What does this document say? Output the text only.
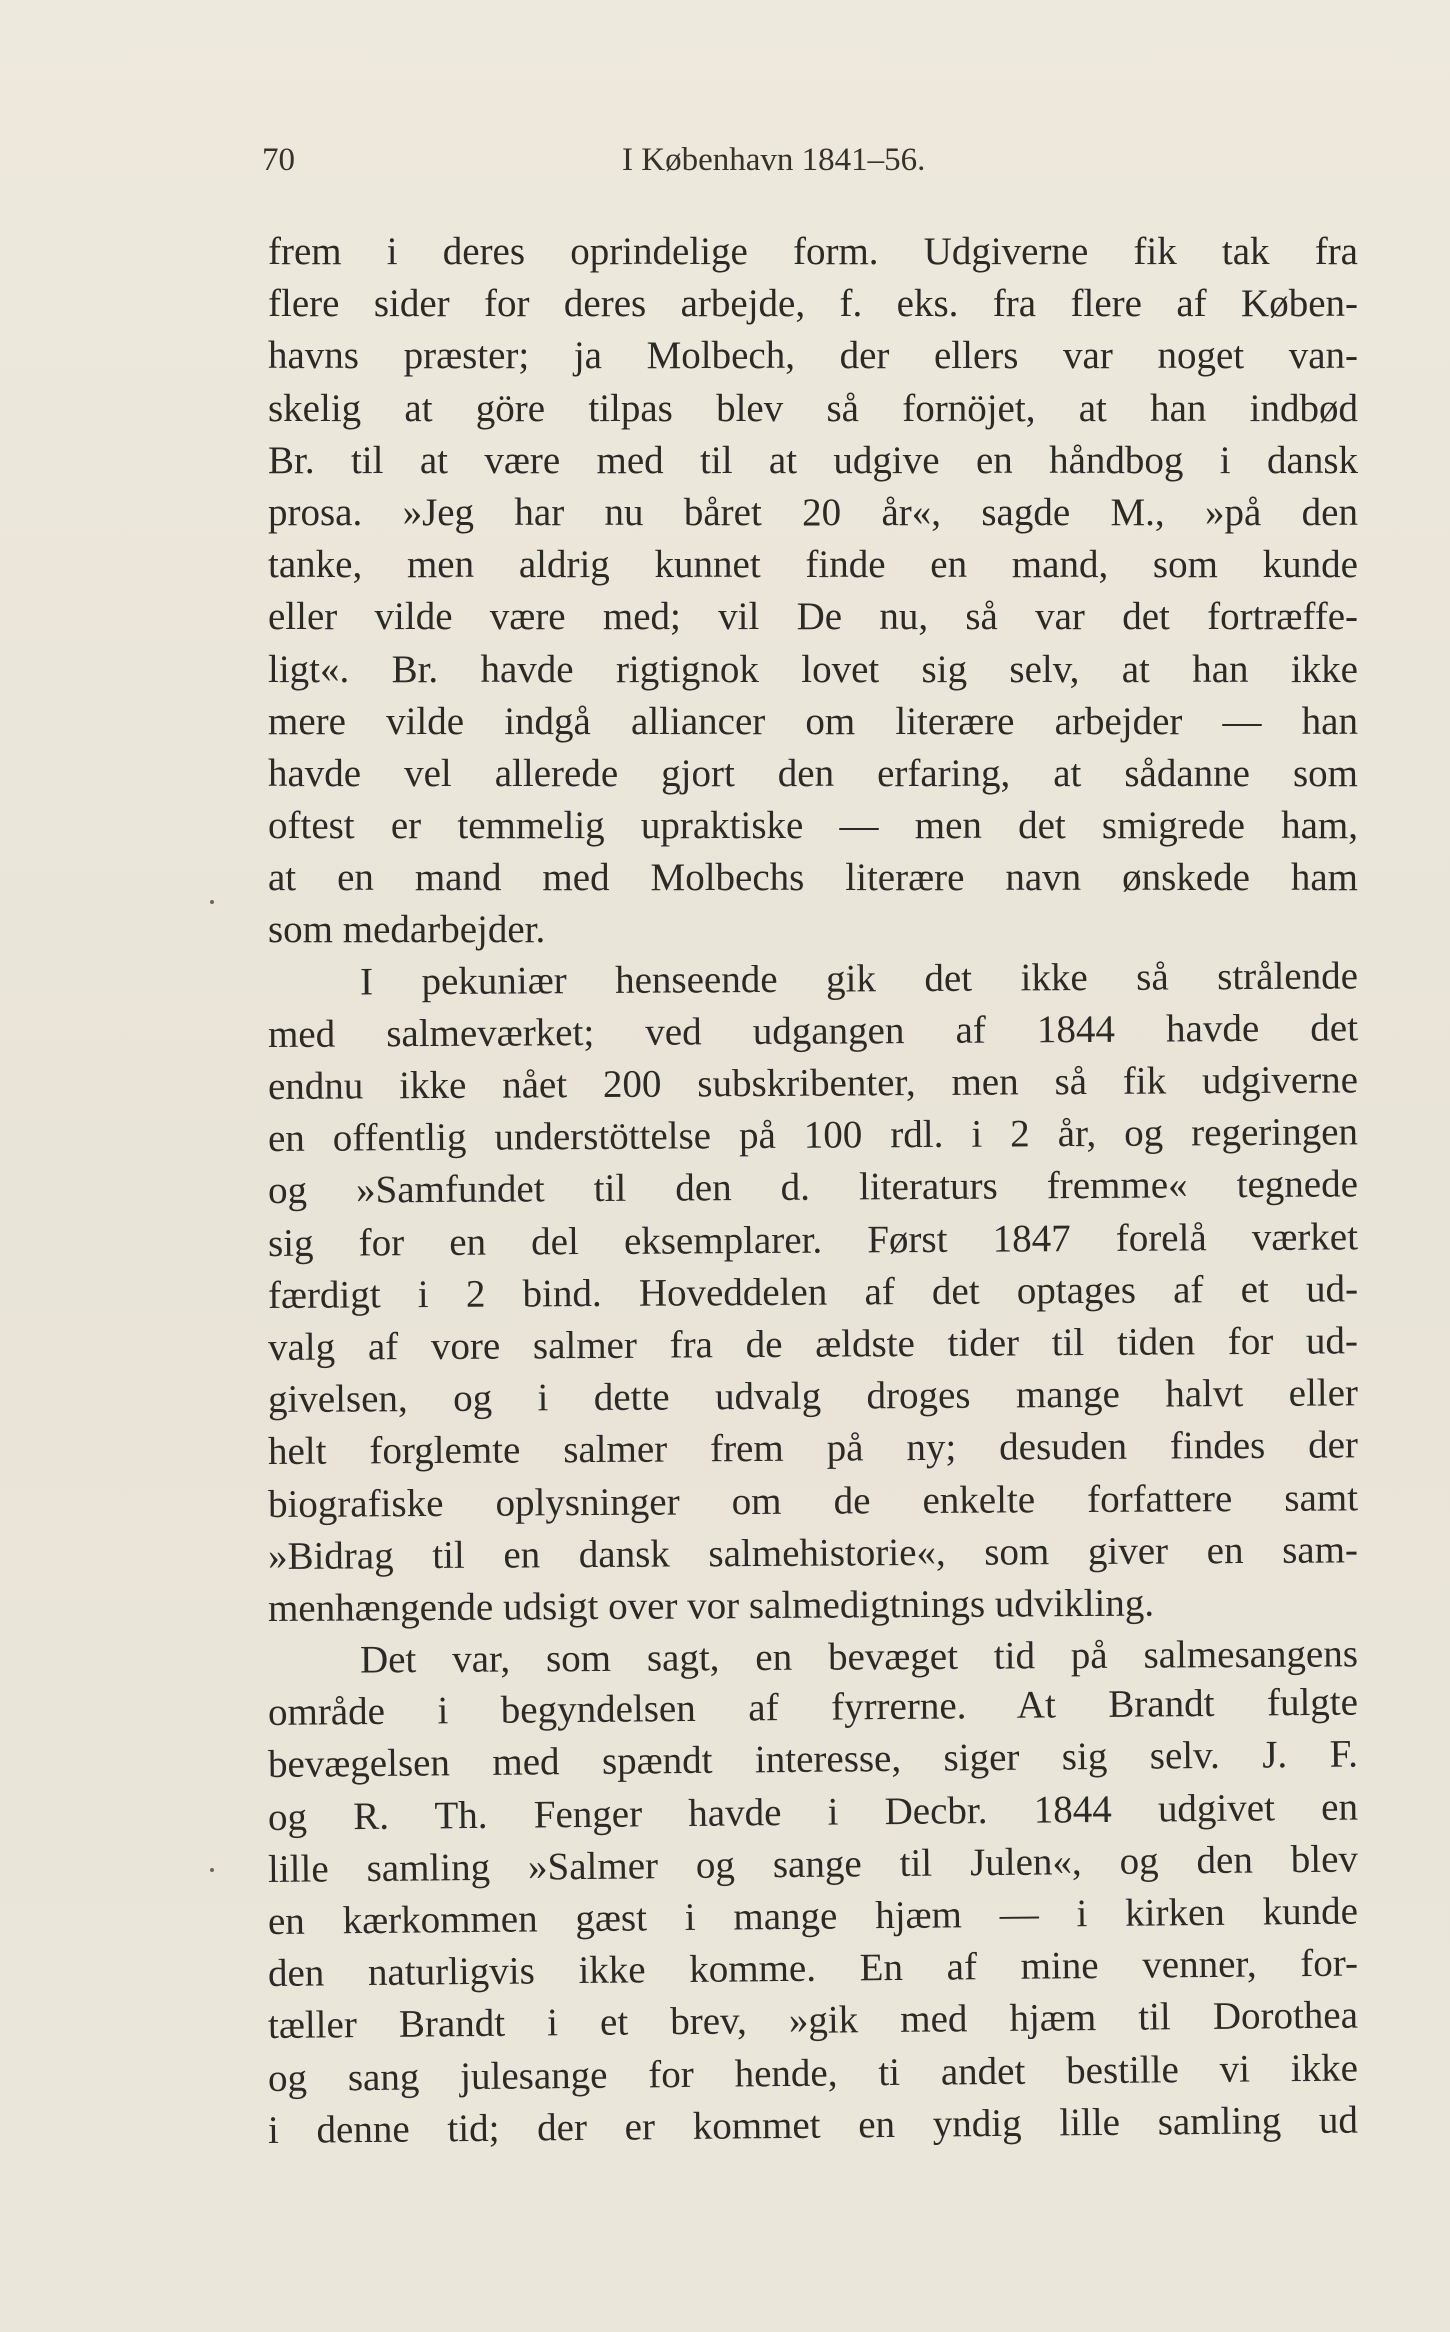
70	I København 1841–56.
frem i deres oprindelige form. Udgiverne fik tak fra
flere sider for deres arbejde, f. eks. fra flere af Køben-
havns præster; ja Molbech, der ellers var noget van-
skelig at göre tilpas blev så fornöjet, at han indbød
Br. til at være med til at udgive en håndbog i dansk
prosa. »Jeg har nu båret 20 år«, sagde M., »på den
tanke, men aldrig kunnet finde en mand, som kunde
eller vilde være med; vil De nu, så var det fortræffe-
ligt«. Br. havde rigtignok lovet sig selv, at han ikke
mere vilde indgå alliancer om literære arbejder — han
havde vel allerede gjort den erfaring, at sådanne som
oftest er temmelig upraktiske — men det smigrede ham,
at en mand med Molbechs literære navn ønskede ham
som medarbejder.
I pekuniær henseende gik det ikke så strålende
med salmeværket; ved udgangen af 1844 havde det
endnu ikke nået 200 subskribenter, men så fik udgiverne
en offentlig understöttelse på 100 rdl. i 2 år, og regeringen
og »Samfundet til den d. literaturs fremme« tegnede
sig for en del eksemplarer. Først 1847 forelå værket
færdigt i 2 bind. Hoveddelen af det optages af et ud-
valg af vore salmer fra de ældste tider til tiden for ud-
givelsen, og i dette udvalg droges mange halvt eller
helt forglemte salmer frem på ny; desuden findes der
biografiske oplysninger om de enkelte forfattere samt
»Bidrag til en dansk salmehistorie«, som giver en sam-
menhængende udsigt over vor salmedigtnings udvikling.
Det var, som sagt, en bevæget tid på salmesangens
område i begyndelsen af fyrrerne. At Brandt fulgte
bevægelsen med spændt interesse, siger sig selv. J. F.
og R. Th. Fenger havde i Decbr. 1844 udgivet en
lille samling »Salmer og sange til Julen«, og den blev
en kærkommen gæst i mange hjæm — i kirken kunde
den naturligvis ikke komme. En af mine venner, for-
tæller Brandt i et brev, »gik med hjæm til Dorothea
og sang julesange for hende, ti andet bestille vi ikke
i denne tid; der er kommet en yndig lille samling ud
